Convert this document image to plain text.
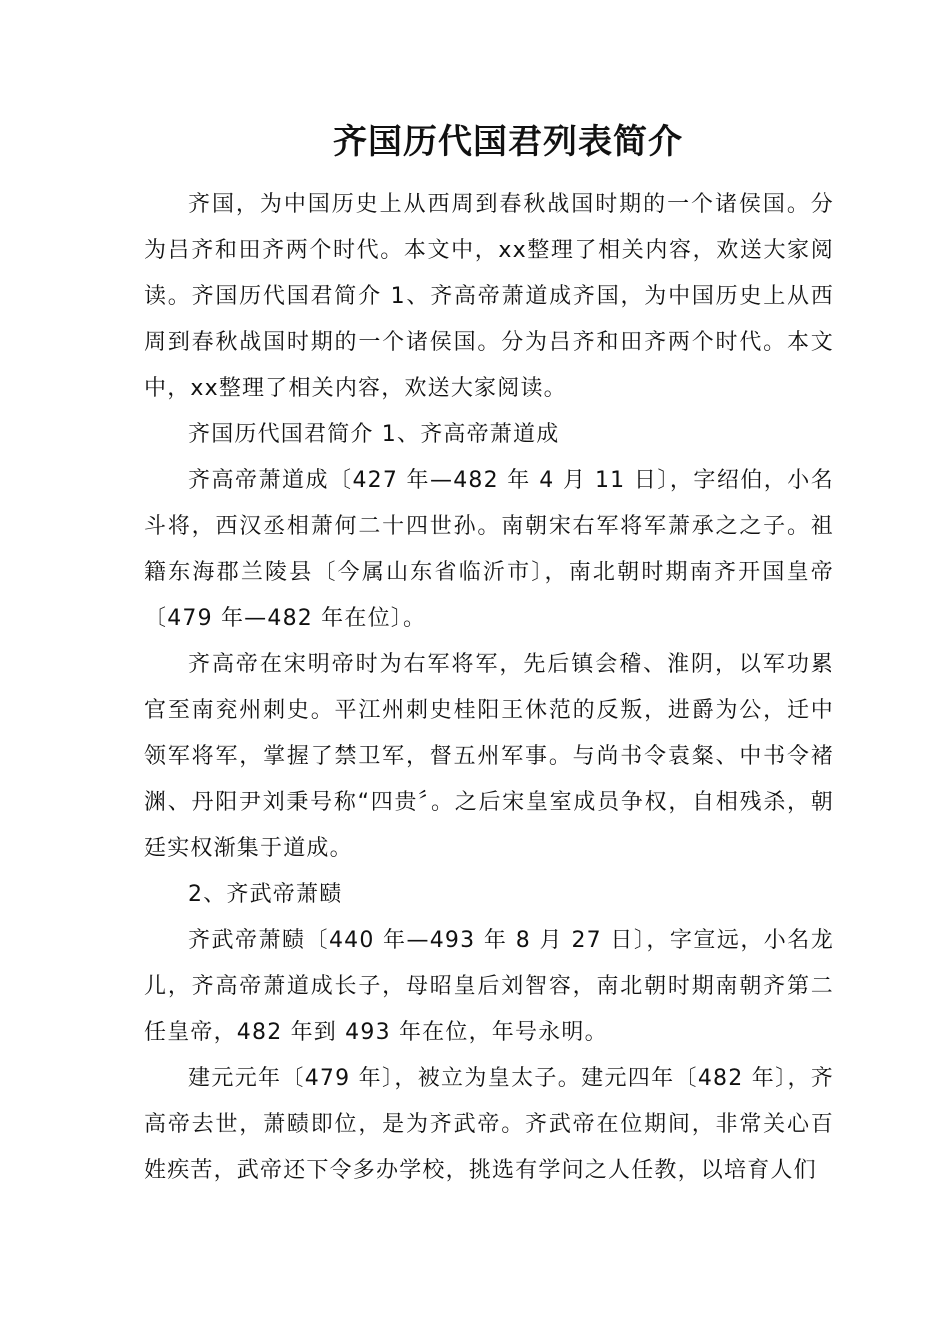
齐国历代国君列表简介

齐国，为中国历史上从西周到春秋战国时期的一个诸侯国。分为吕齐和田齐两个时代。本文中，xx整理了相关内容，欢送大家阅读。齐国历代国君简介 1、齐高帝萧道成齐国，为中国历史上从西周到春秋战国时期的一个诸侯国。分为吕齐和田齐两个时代。本文中，xx整理了相关内容，欢送大家阅读。

齐国历代国君简介 1、齐高帝萧道成

齐高帝萧道成〔427 年—482 年 4 月 11 日〕，字绍伯，小名斗将，西汉丞相萧何二十四世孙。南朝宋右军将军萧承之之子。祖籍东海郡兰陵县〔今属山东省临沂市〕，南北朝时期南齐开国皇帝〔479 年—482 年在位〕。

齐高帝在宋明帝时为右军将军，先后镇会稽、淮阴，以军功累官至南兖州刺史。平江州刺史桂阳王休范的反叛，进爵为公，迁中领军将军，掌握了禁卫军，督五州军事。与尚书令袁粲、中书令褚渊、丹阳尹刘秉号称“四贵〞。之后宋皇室成员争权，自相残杀，朝廷实权渐集于道成。

2、齐武帝萧赜

齐武帝萧赜〔440 年—493 年 8 月 27 日〕，字宣远，小名龙儿，齐高帝萧道成长子，母昭皇后刘智容，南北朝时期南朝齐第二任皇帝，482 年到 493 年在位，年号永明。

建元元年〔479 年〕，被立为皇太子。建元四年〔482 年〕，齐高帝去世，萧赜即位，是为齐武帝。齐武帝在位期间，非常关心百姓疾苦，武帝还下令多办学校，挑选有学问之人任教，以培育人们
